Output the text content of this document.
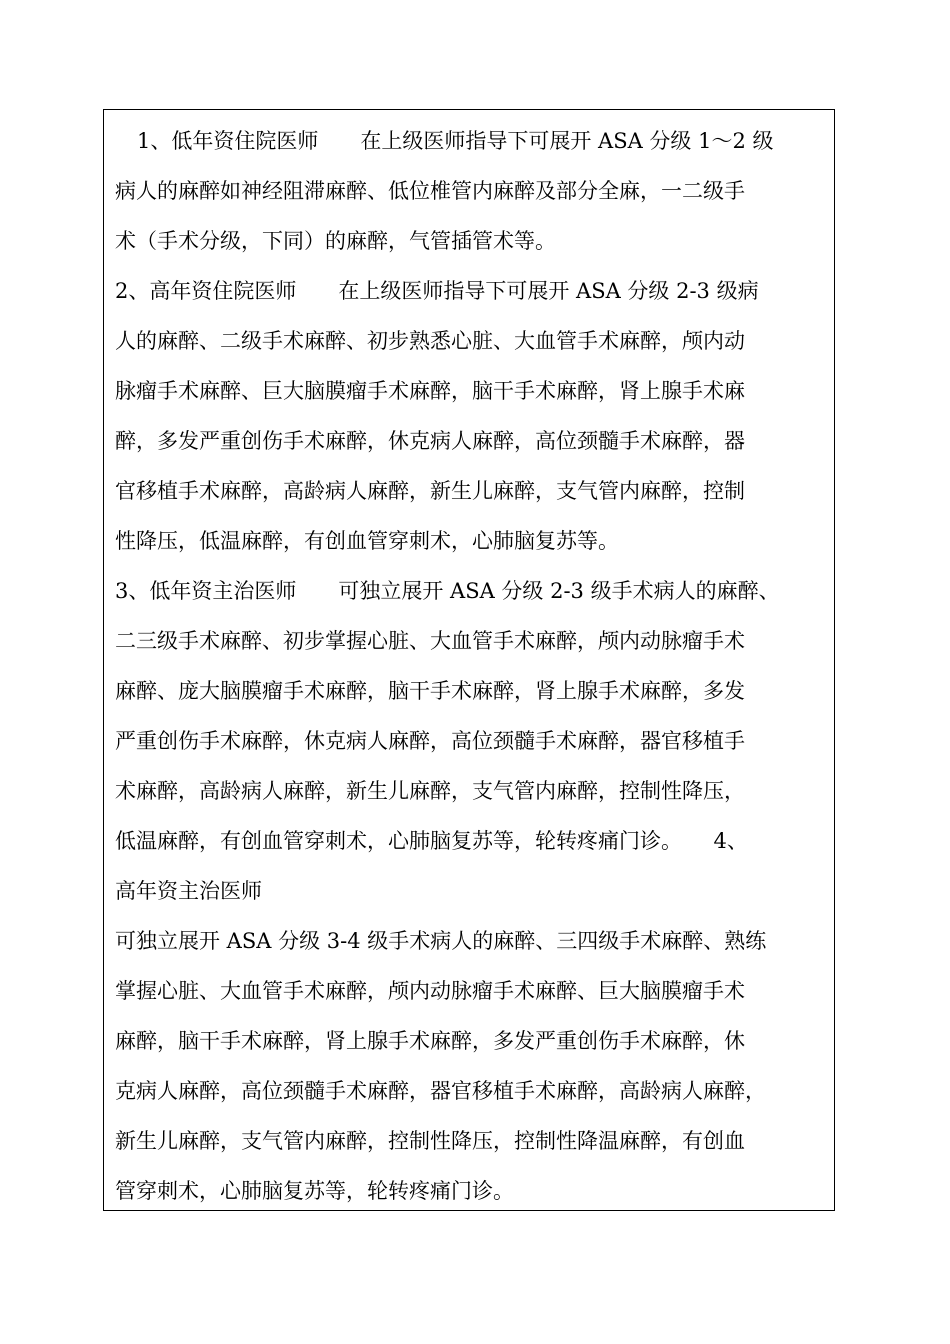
1、低年资住院医师　　在上级医师指导下可展开 ASA 分级 1～2 级
病人的麻醉如神经阻滞麻醉、低位椎管内麻醉及部分全麻，一二级手
术（手术分级，下同）的麻醉，气管插管术等。
2、高年资住院医师　　在上级医师指导下可展开 ASA 分级 2-3 级病
人的麻醉、二级手术麻醉、初步熟悉心脏、大血管手术麻醉，颅内动
脉瘤手术麻醉、巨大脑膜瘤手术麻醉，脑干手术麻醉，肾上腺手术麻
醉，多发严重创伤手术麻醉，休克病人麻醉，高位颈髓手术麻醉，器
官移植手术麻醉，高龄病人麻醉，新生儿麻醉，支气管内麻醉，控制
性降压，低温麻醉，有创血管穿刺术，心肺脑复苏等。
3、低年资主治医师　　可独立展开 ASA 分级 2-3 级手术病人的麻醉、
二三级手术麻醉、初步掌握心脏、大血管手术麻醉，颅内动脉瘤手术
麻醉、庞大脑膜瘤手术麻醉，脑干手术麻醉，肾上腺手术麻醉，多发
严重创伤手术麻醉，休克病人麻醉，高位颈髓手术麻醉，器官移植手
术麻醉，高龄病人麻醉，新生儿麻醉，支气管内麻醉，控制性降压，
低温麻醉，有创血管穿刺术，心肺脑复苏等，轮转疼痛门诊。　　4、
高年资主治医师
可独立展开 ASA 分级 3-4 级手术病人的麻醉、三四级手术麻醉、熟练
掌握心脏、大血管手术麻醉，颅内动脉瘤手术麻醉、巨大脑膜瘤手术
麻醉，脑干手术麻醉，肾上腺手术麻醉，多发严重创伤手术麻醉，休
克病人麻醉，高位颈髓手术麻醉，器官移植手术麻醉，高龄病人麻醉，
新生儿麻醉，支气管内麻醉，控制性降压，控制性降温麻醉，有创血
管穿刺术，心肺脑复苏等，轮转疼痛门诊。
